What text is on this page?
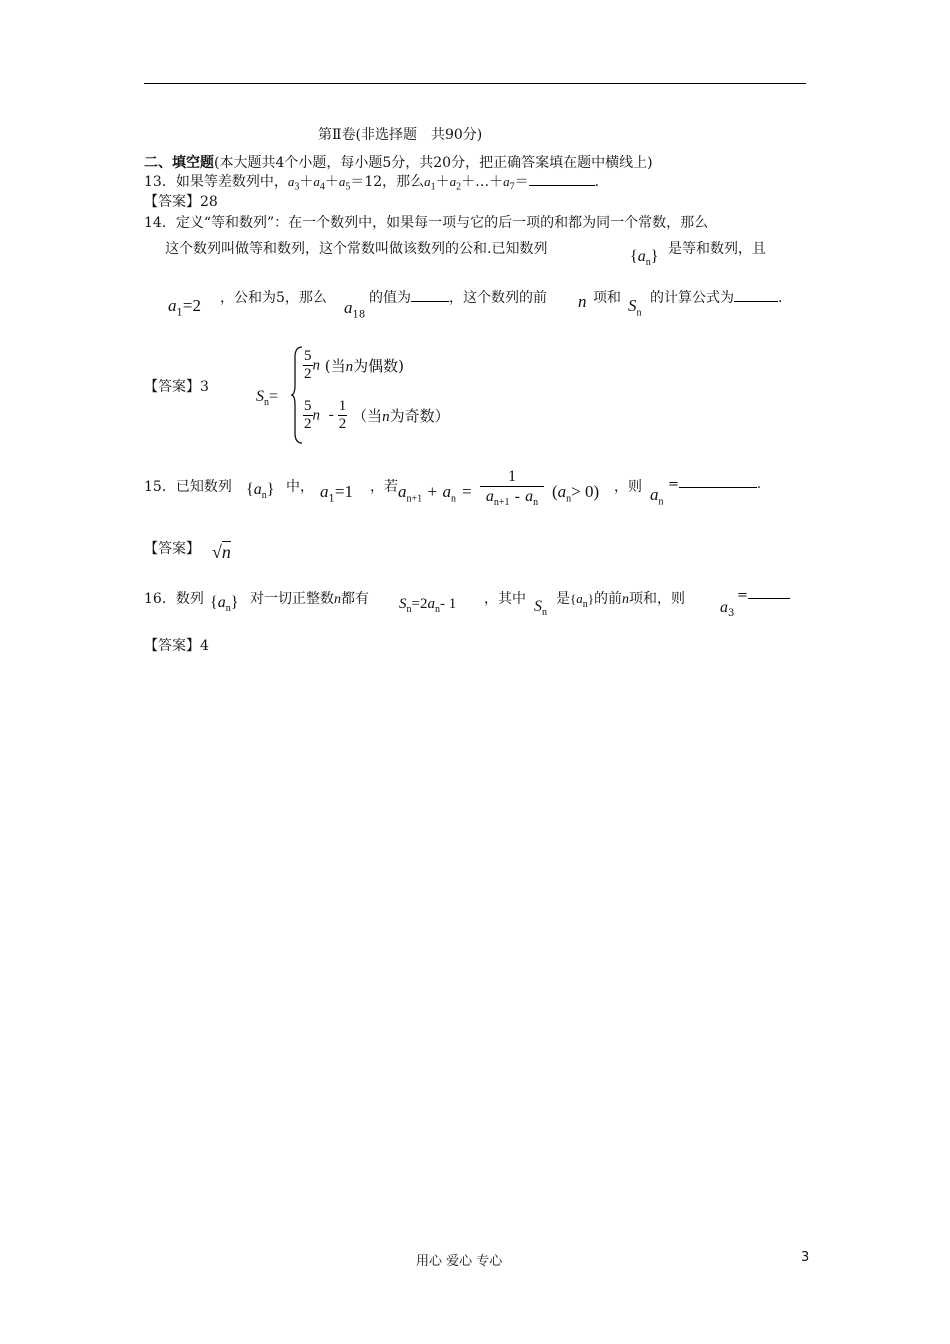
第Ⅱ卷(非选择题　共90分)
二、填空题(本大题共4个小题，每小题5分，共20分，把正确答案填在题中横线上)
13．如果等差数列中，$a_3+a_4+a_5=12$，那么$a_1+a_2+\dots+a_7=$	.
【答案】28
14．定义“等和数列”：在一个数列中，如果每一项与它的后一项的和都为同一个常数，那么
这个数列叫做等和数列，这个常数叫做该数列的公和.已知数列	$\{a_n\}$ 是等和数列，且
$a_1=2$ ，公和为5，那么 $a_{18}$
的值为	，这个数列的前 n 项和 $S_n$
的计算公式为	.
【答案】3
$S_n=$
$\frac{5}{2}$ n (当n为偶数)
$\frac{5}{2}$ n - $\frac{1}{2}$ （当n为奇数）
15．已知数列 $\{a_n\}$ 中， $a_1=1$ ，若 $a_{n+1} + a_n = \frac{1}{a_{n+1} - a_n} (a_n> 0)$ ，则 $a_n$
=	.
【答案】 √n
16．数列 $\{a_n\}$ 对一切正整数n都有 $S_n=2a_n-$ 1 ，其中 $S_n$
是$\{a_n\}$的前n项和，则 $a_3$
=
【答案】4
用心 爱心 专心	3
